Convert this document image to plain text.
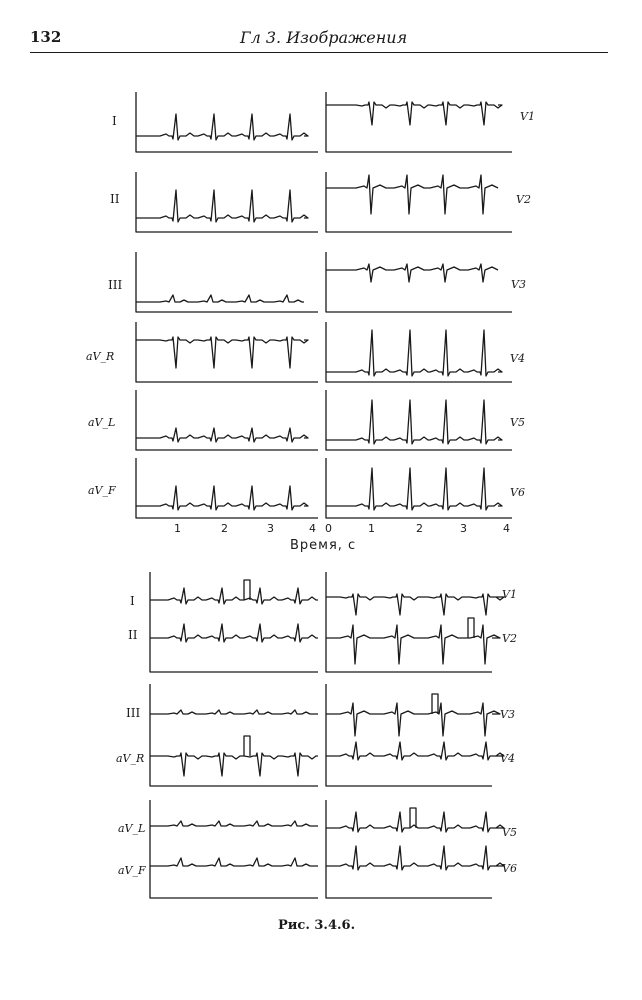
132	Гл 3. Изображения
I
II
III
aV_R
aV_L
aV_F
V1
V2
V3
V4
V5
V6
1	2	3	4 0	1	2	3	4
Время, с
I
II
III
aV_R
aV_L
aV_F
V1
V2
V3
V4
V5
V6
Рис. 3.4.6.
